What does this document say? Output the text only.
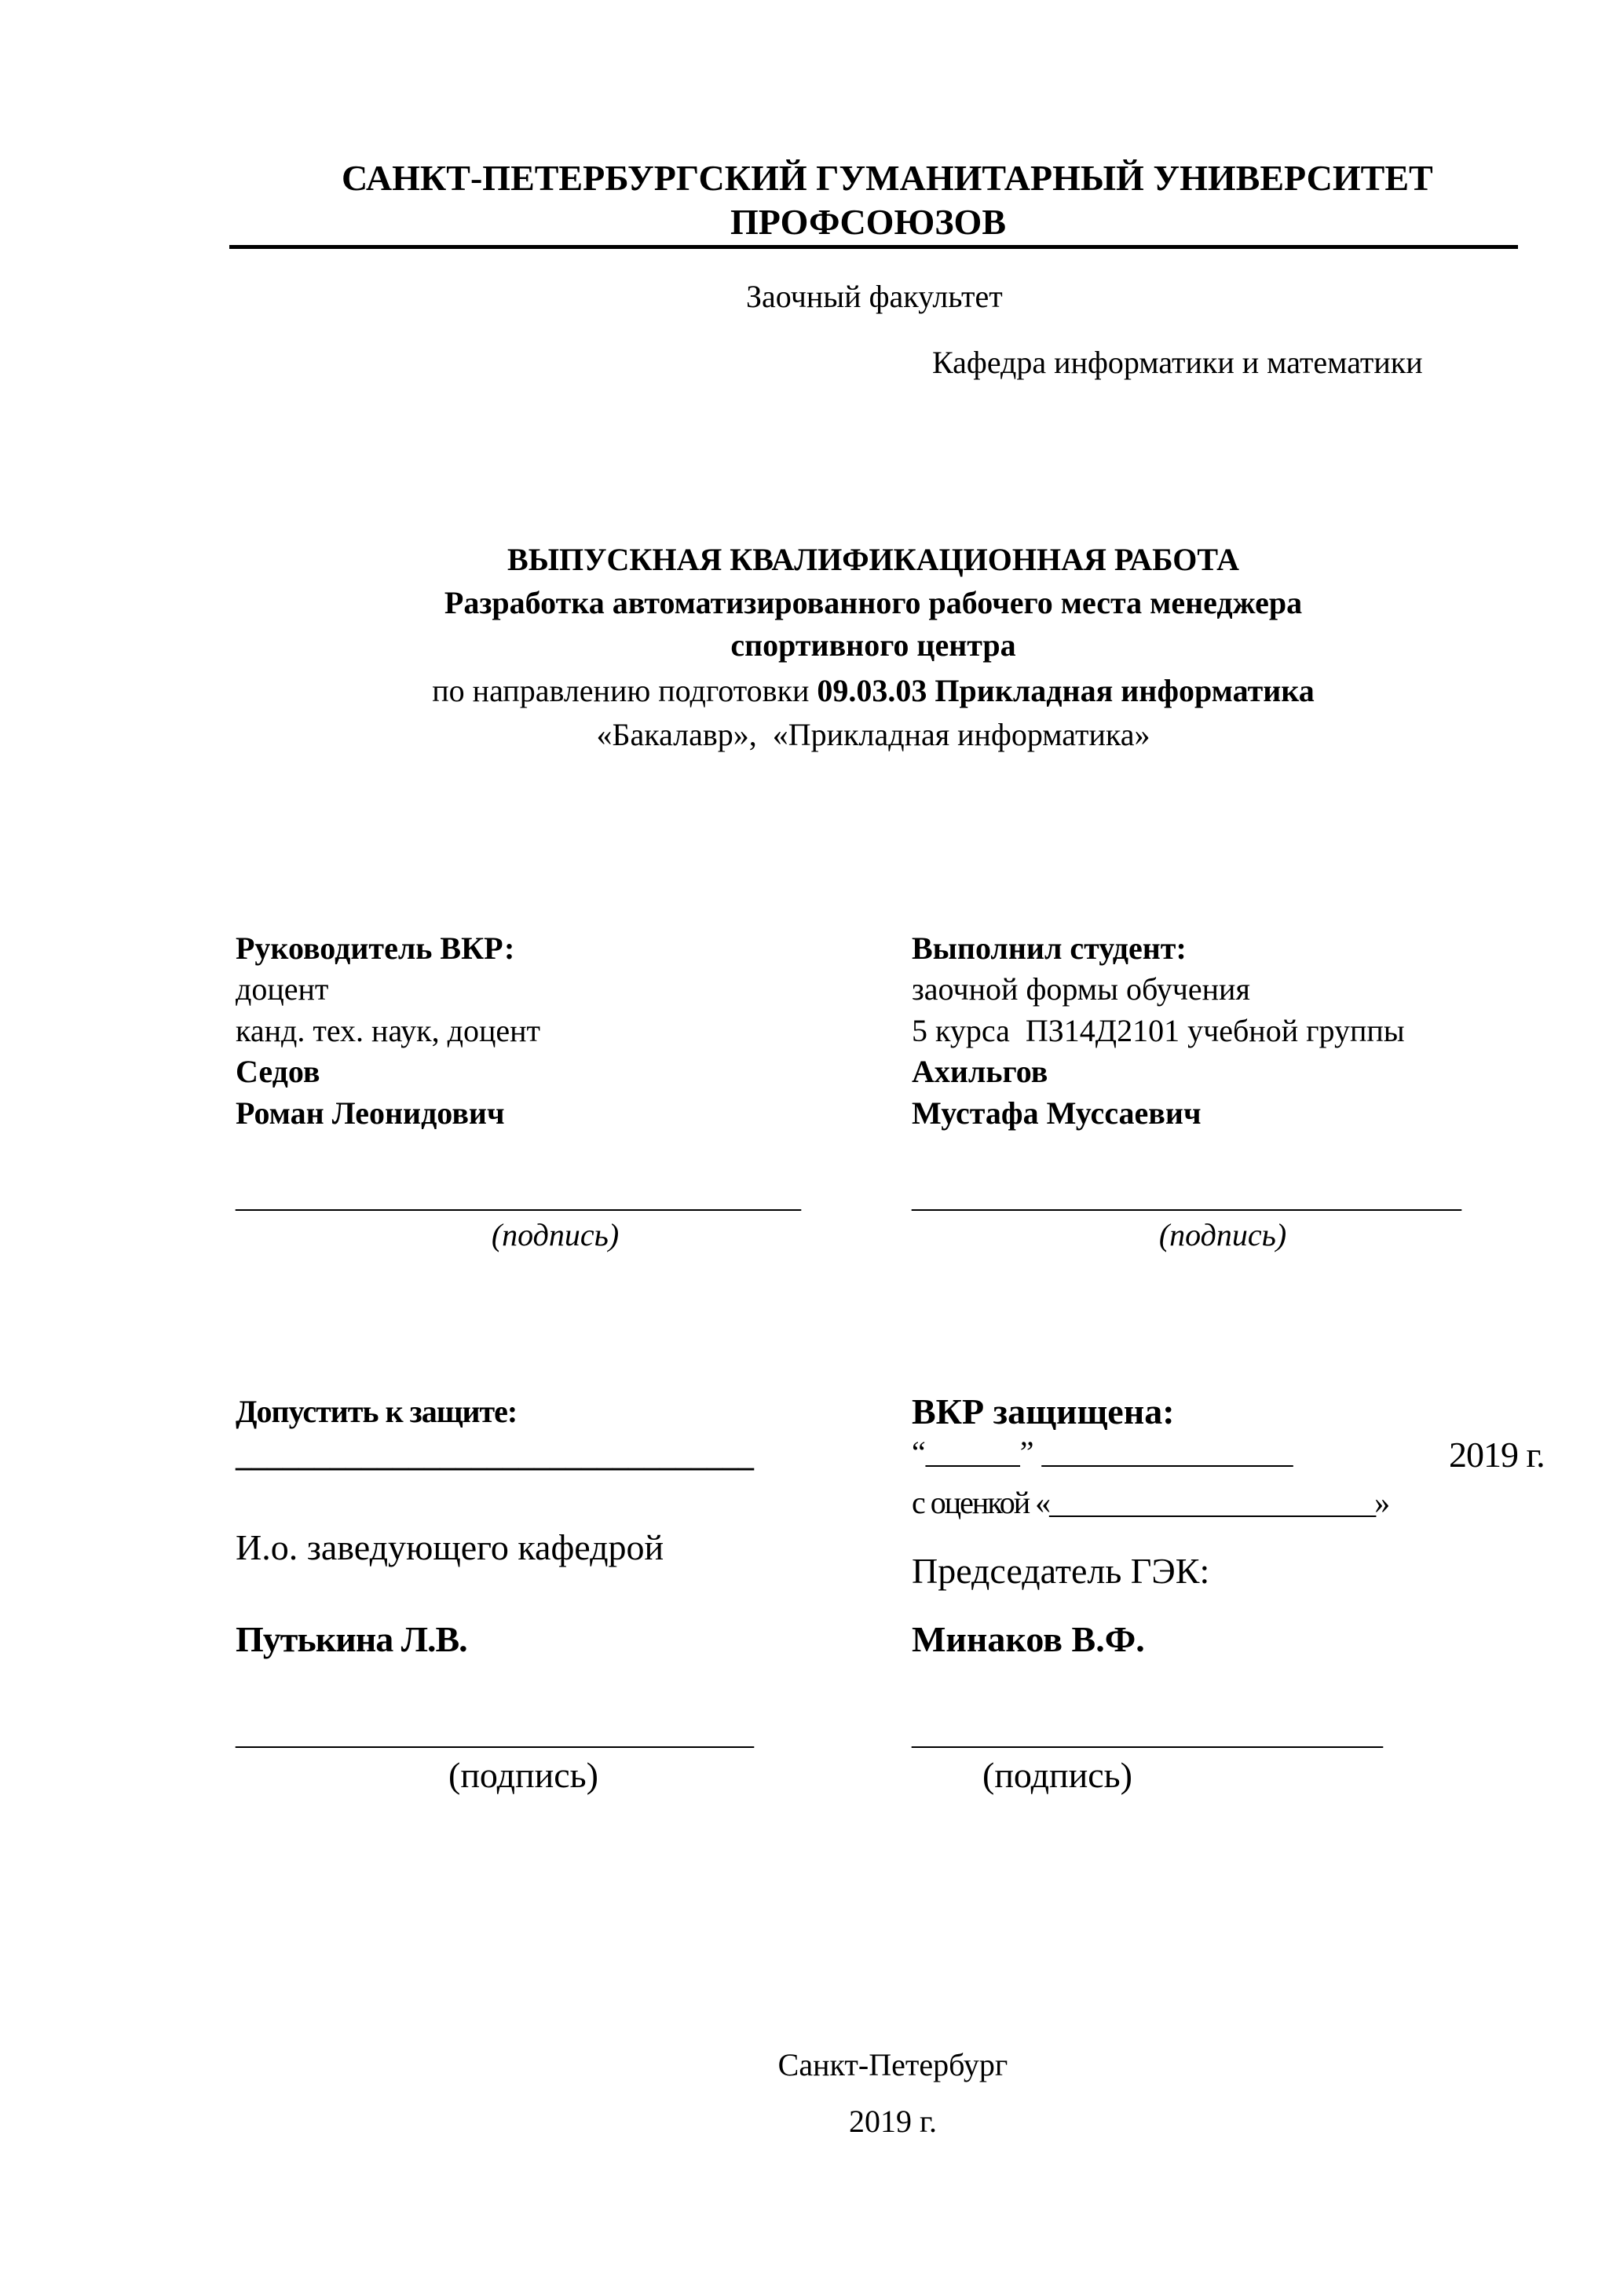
САНКТ-ПЕТЕРБУРГСКИЙ ГУМАНИТАРНЫЙ УНИВЕРСИТЕТ
ПРОФСОЮЗОВ
Заочный факультет
Кафедра информатики и математики
ВЫПУСКНАЯ КВАЛИФИКАЦИОННАЯ РАБОТА
Разработка автоматизированного рабочего места менеджера
спортивного центра
по направлению подготовки 09.03.03 Прикладная информатика
«Бакалавр»,  «Прикладная информатика»
Руководитель ВКР:
доцент
канд. тех. наук, доцент
Седов
Роман Леонидович
____________________________________
(подпись)
Выполнил студент:
заочной формы обучения
5 курса  ПЗ14Д2101 учебной группы
Ахильгов
Мустафа Муссаевич
___________________________________
(подпись)
Допустить к защите:
_________________________________
И.о. заведующего кафедрой
Путькина Л.В.
_________________________________
(подпись)
ВКР защищена:
“______” ________________	2019 г.
с оценкой «_______________________»
Председатель ГЭК:
Минаков В.Ф.
______________________________
(подпись)
Санкт-Петербург
2019 г.
